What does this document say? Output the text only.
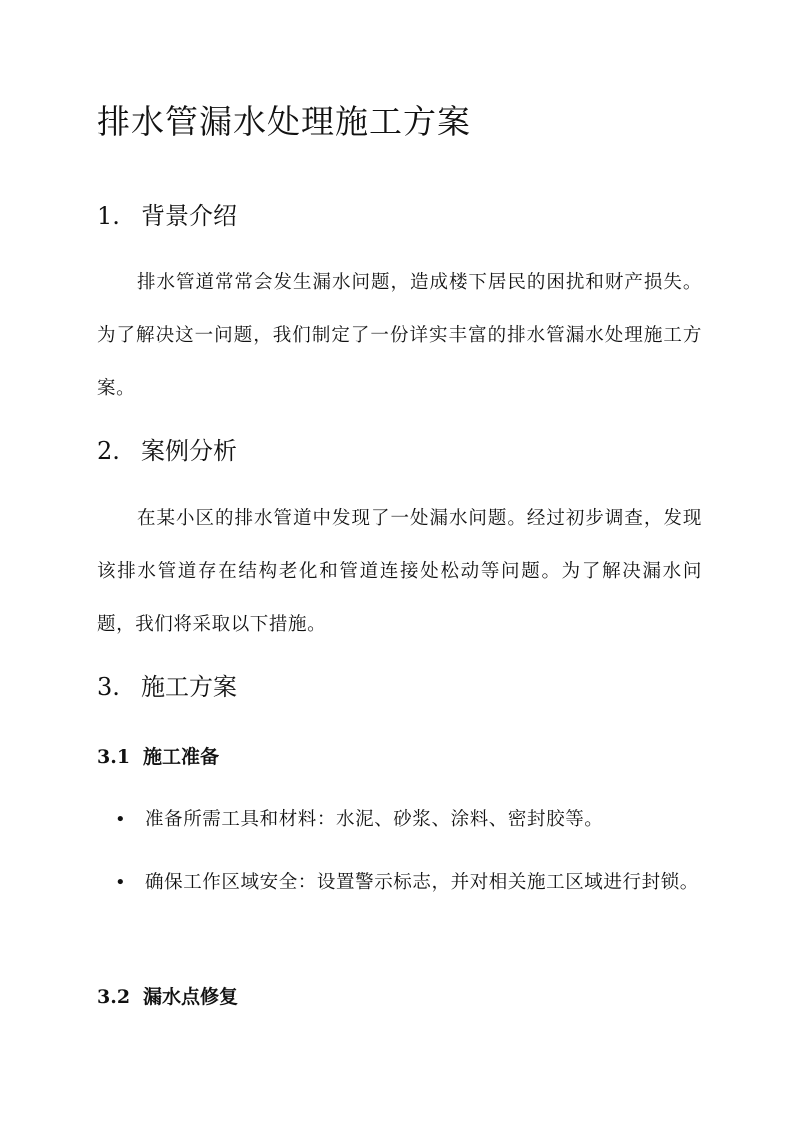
排水管漏水处理施工方案
1. 背景介绍

排水管道常常会发生漏水问题，造成楼下居民的困扰和财产损失。为了解决这一问题，我们制定了一份详实丰富的排水管漏水处理施工方案。

2. 案例分析

在某小区的排水管道中发现了一处漏水问题。经过初步调查，发现该排水管道存在结构老化和管道连接处松动等问题。为了解决漏水问题，我们将采取以下措施。

3. 施工方案
3.1 施工准备
• 准备所需工具和材料：水泥、砂浆、涂料、密封胶等。
• 确保工作区域安全：设置警示标志，并对相关施工区域进行封锁。
3.2 漏水点修复
